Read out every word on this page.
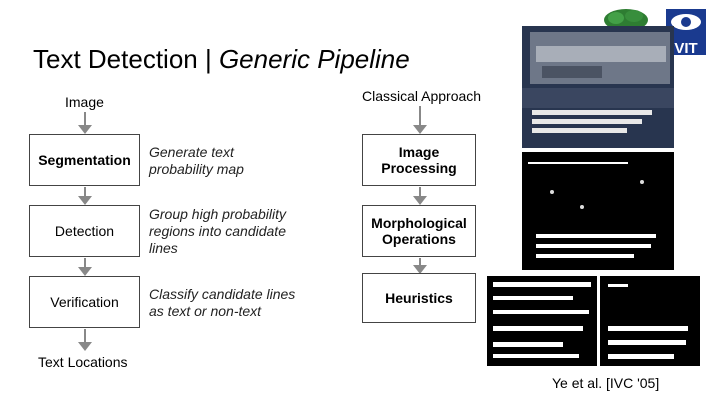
Text Detection | Generic Pipeline
Image
Segmentation Generate text probability map
Detection
Group high probability regions into candidate lines
Verification Classify candidate lines as text or non-text
Text Locations
Classical Approach
Image Processing
Morphological Operations
Heuristics
VIT
Ye et al. [IVC '05]
